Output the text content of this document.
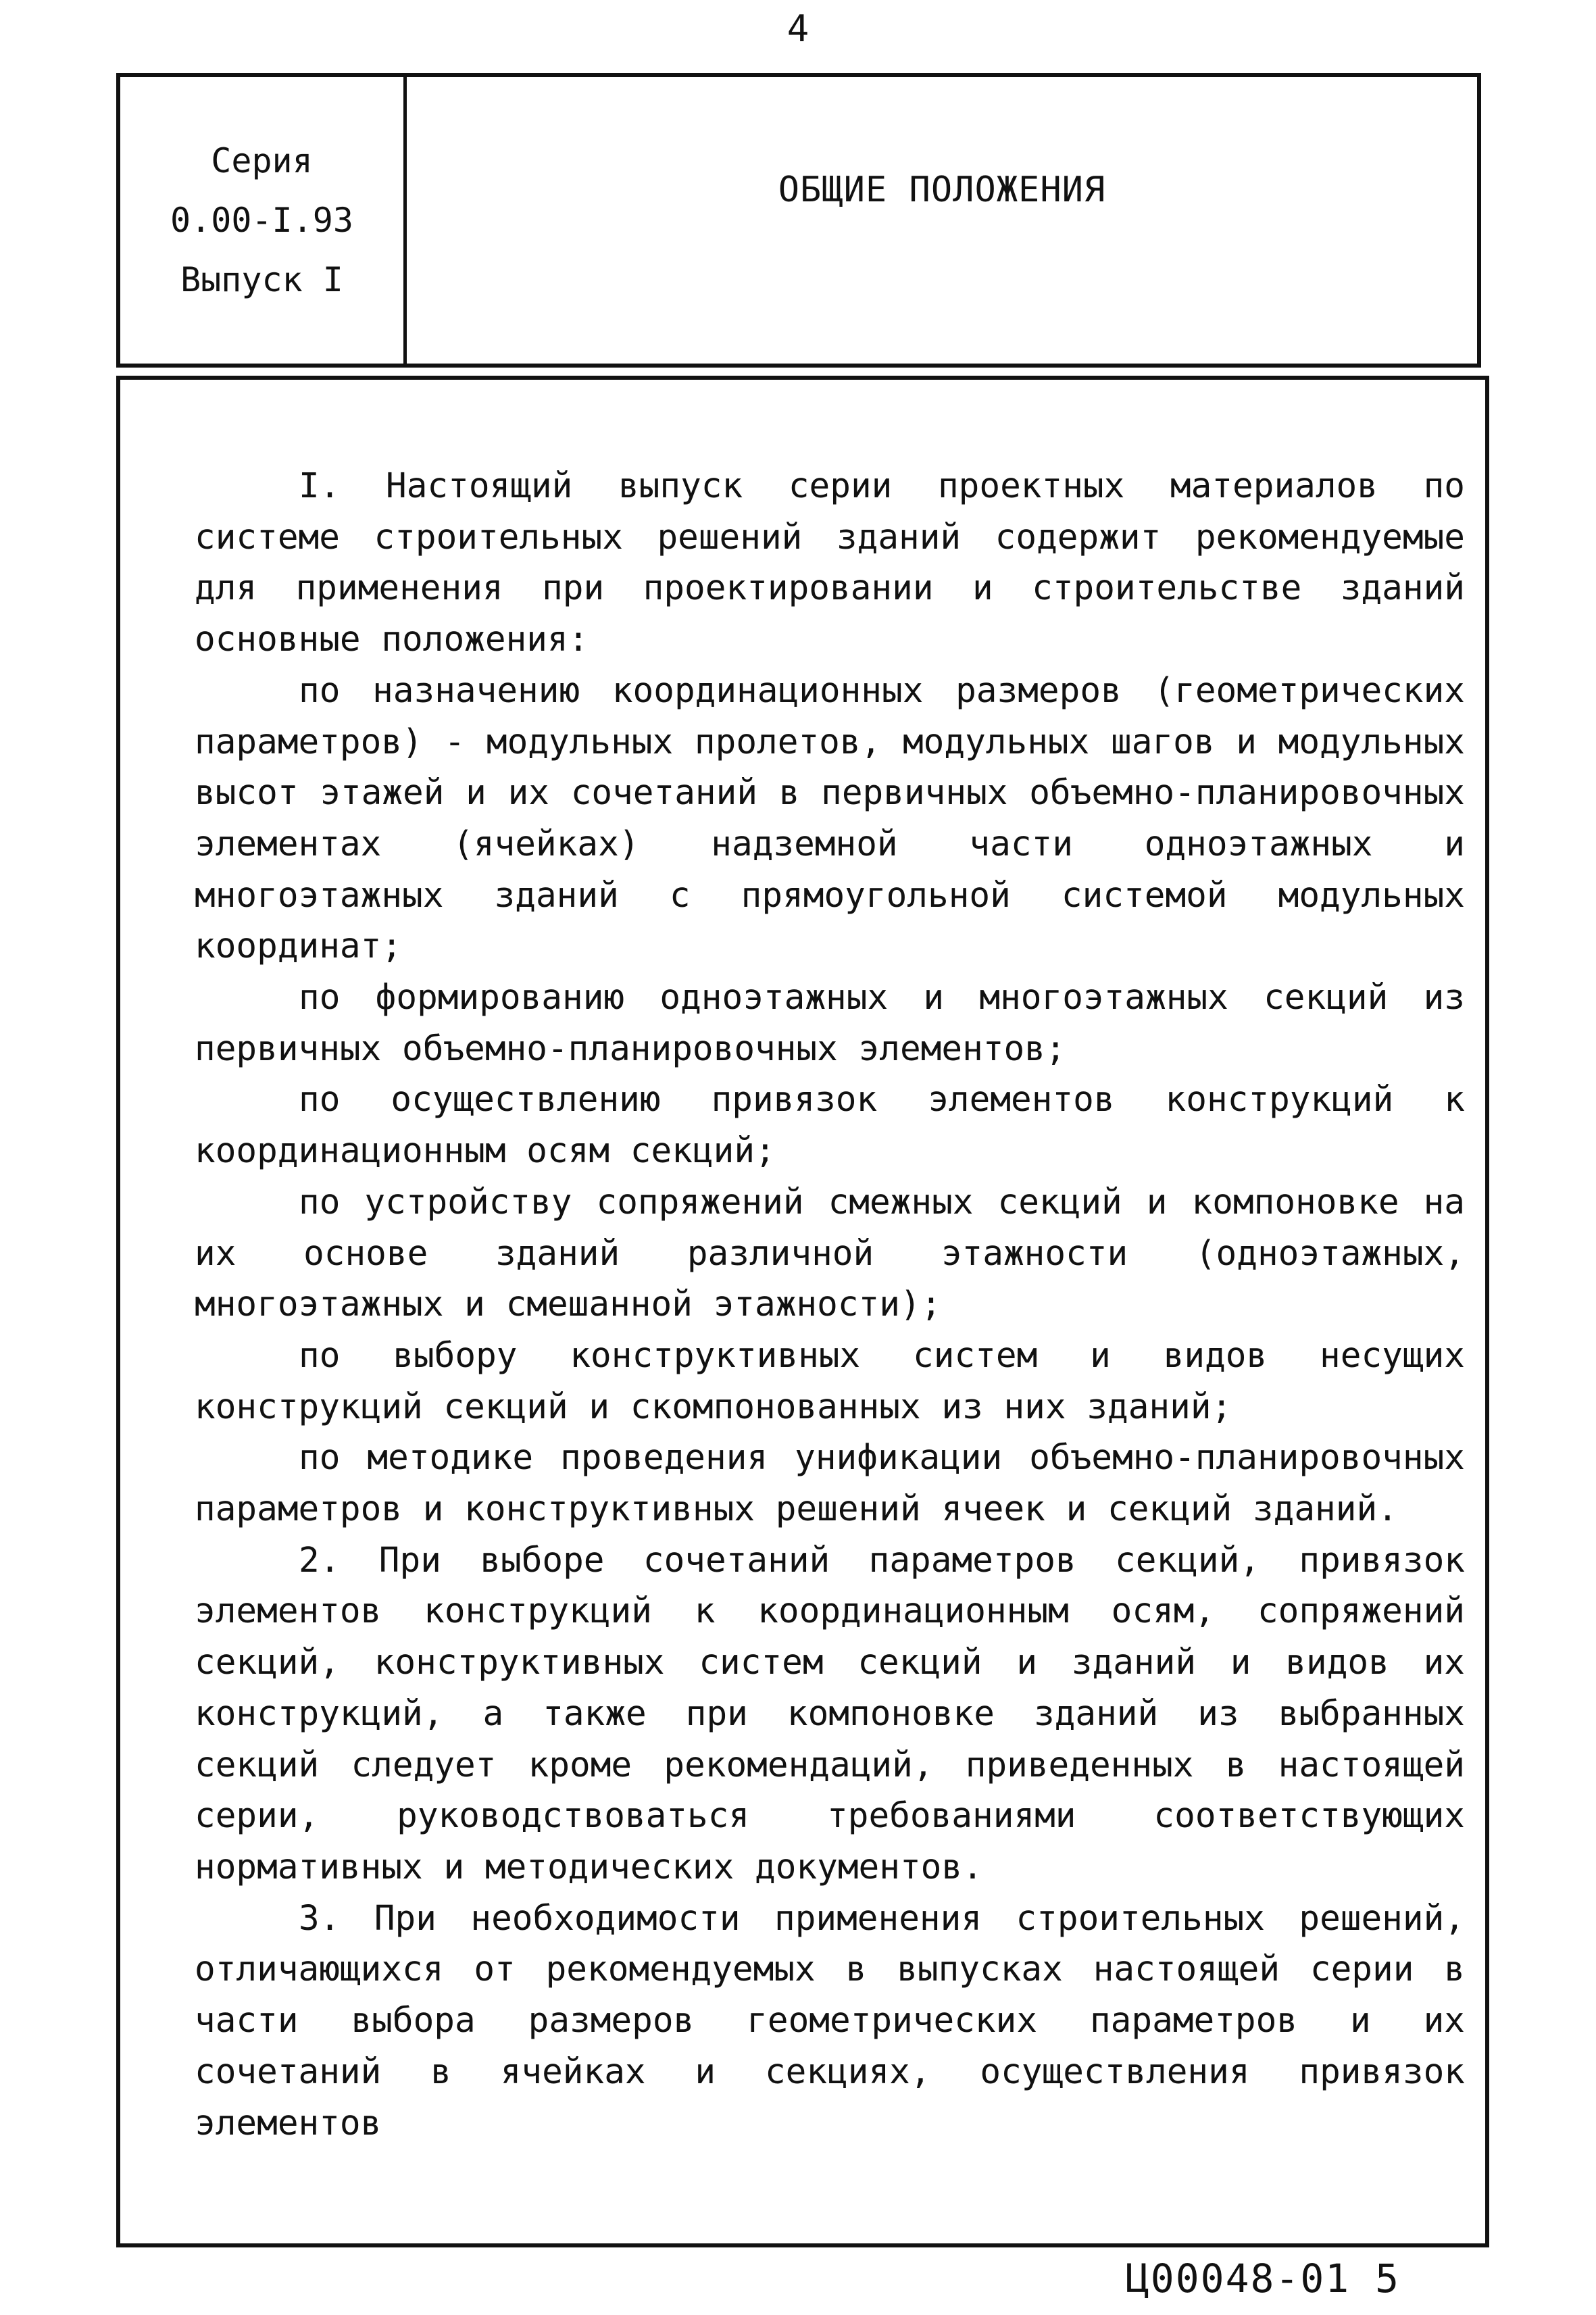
4
Серия
0.00-I.93
Выпуск I
ОБЩИЕ ПОЛОЖЕНИЯ

I. Настоящий выпуск серии проектных материалов по системе строительных решений зданий содержит рекомендуемые для применения при проектировании и строительстве зданий основные положения:

по назначению координационных размеров (геометрических параметров) - модульных пролетов, модульных шагов и модульных высот этажей и их сочетаний в первичных объемно-планировочных элементах (ячейках) надземной части одноэтажных и многоэтажных зданий с прямоугольной системой модульных координат;

по формированию одноэтажных и многоэтажных секций из первичных объемно-планировочных элементов;

по осуществлению привязок элементов конструкций к координационным осям секций;

по устройству сопряжений смежных секций и компоновке на их основе зданий различной этажности (одноэтажных, многоэтажных и смешанной этажности);

по выбору конструктивных систем и видов несущих конструкций секций и скомпонованных из них зданий;

по методике проведения унификации объемно-планировочных параметров и конструктивных решений ячеек и секций зданий.

2. При выборе сочетаний параметров секций, привязок элементов конструкций к координационным осям, сопряжений секций, конструктивных систем секций и зданий и видов их конструкций, а также при компоновке зданий из выбранных секций следует кроме рекомендаций, приведенных в настоящей серии, руководствоваться требованиями соответствующих нормативных и методических документов.

3. При необходимости применения строительных решений, отличающихся от рекомендуемых в выпусках настоящей серии в части выбора размеров геометрических параметров и их сочетаний в ячейках и секциях, осуществления привязок элементов

Ц00048-01 5
